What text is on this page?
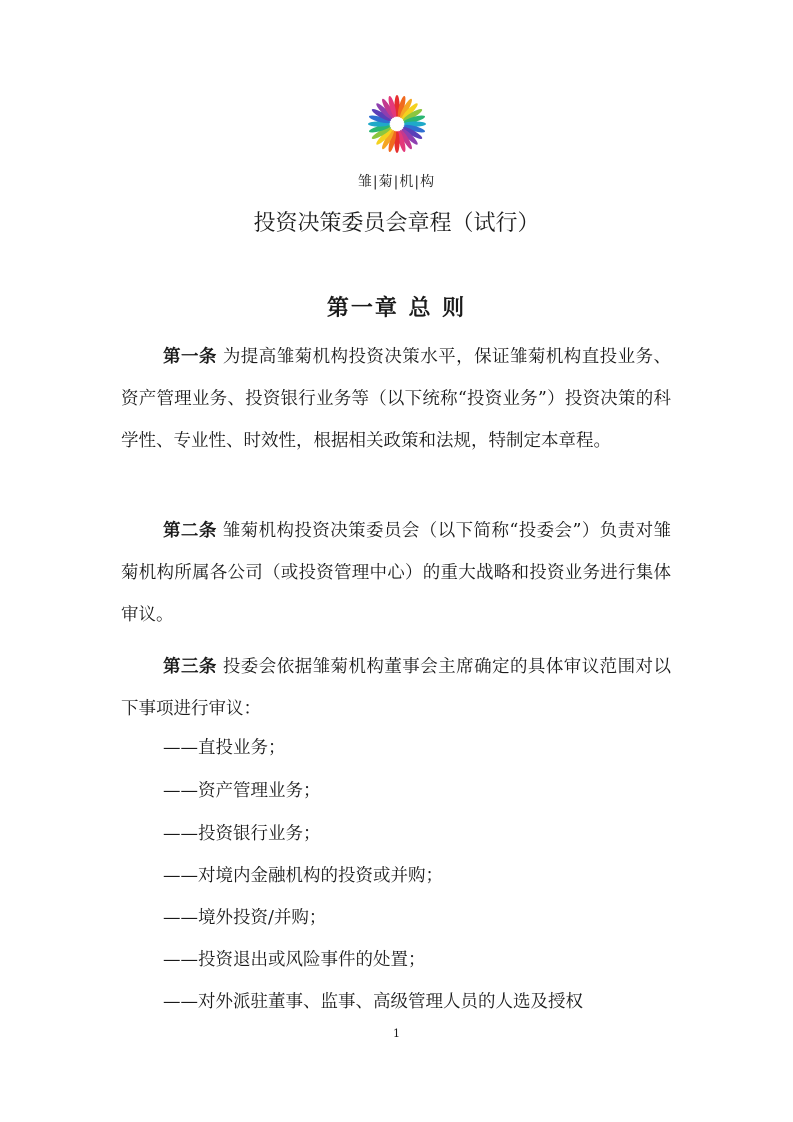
雏|菊|机|构
投资决策委员会章程（试行）
第一章 总 则
第一条 为提高雏菊机构投资决策水平，保证雏菊机构直投业务、资产管理业务、投资银行业务等（以下统称“投资业务”）投资决策的科学性、专业性、时效性，根据相关政策和法规，特制定本章程。
第二条 雏菊机构投资决策委员会（以下简称“投委会”）负责对雏菊机构所属各公司（或投资管理中心）的重大战略和投资业务进行集体审议。
第三条 投委会依据雏菊机构董事会主席确定的具体审议范围对以下事项进行审议：
——直投业务；
——资产管理业务；
——投资银行业务；
——对境内金融机构的投资或并购；
——境外投资/并购；
——投资退出或风险事件的处置；
——对外派驻董事、监事、高级管理人员的人选及授权
1
